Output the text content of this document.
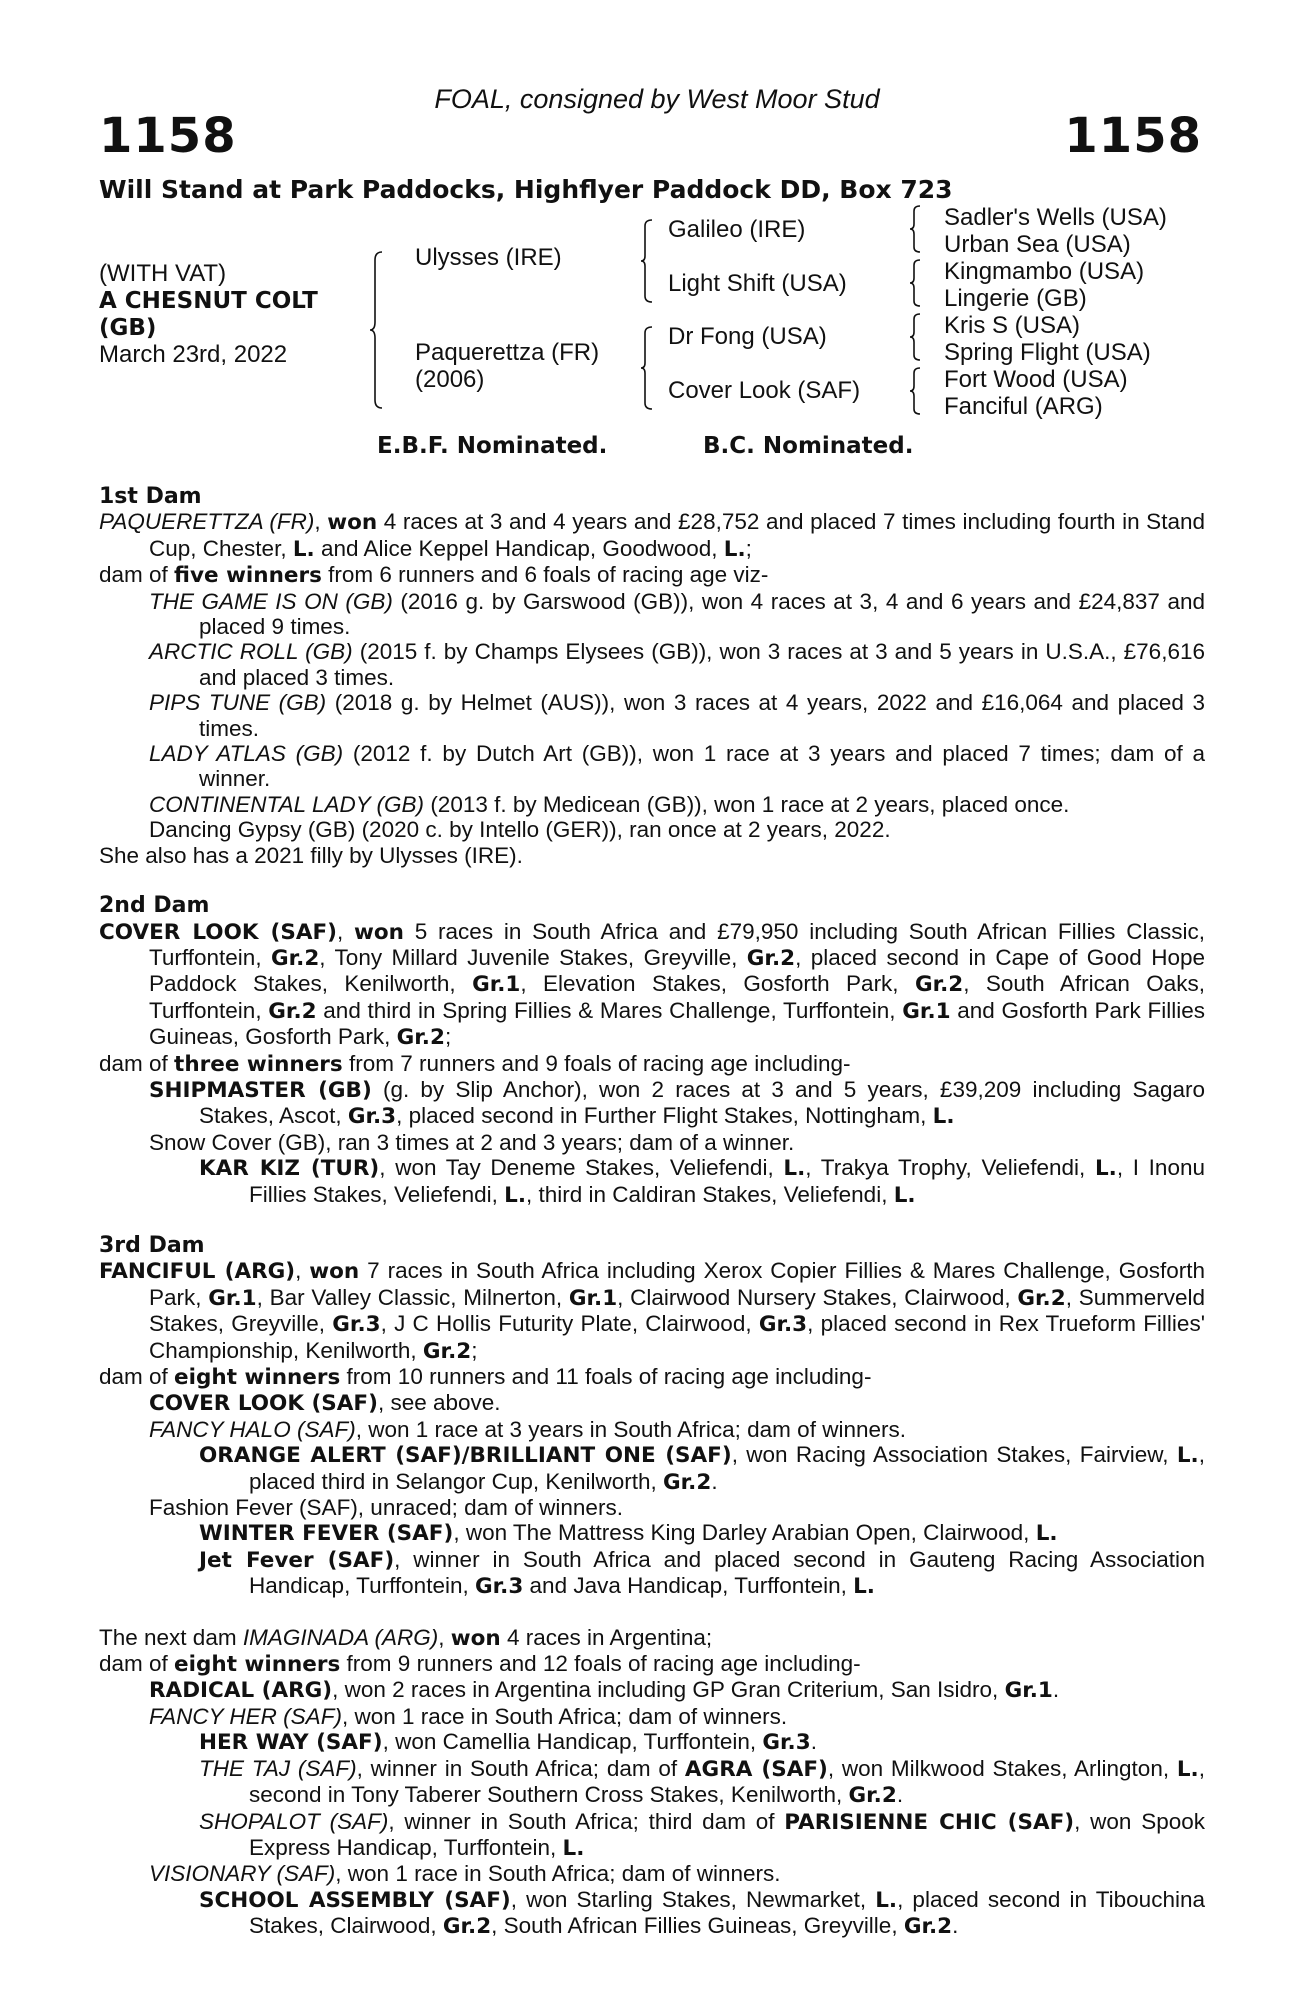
FOAL, consigned by West Moor Stud
1158	1158
Will Stand at Park Paddocks, Highflyer Paddock DD, Box 723
(WITH VAT)
A CHESNUT COLT
(GB)
March 23rd, 2022
Ulysses (IRE)
Paquerettza (FR)
(2006)
Galileo (IRE)
Light Shift (USA)
Dr Fong (USA)
Cover Look (SAF)
Sadler's Wells (USA)
Urban Sea (USA)
Kingmambo (USA)
Lingerie (GB)
Kris S (USA)
Spring Flight (USA)
Fort Wood (USA)
Fanciful (ARG)
E.B.F. Nominated.	B.C. Nominated.
1st Dam

PAQUERETTZA (FR), won 4 races at 3 and 4 years and £28,752 and placed 7 times including fourth in Stand Cup, Chester, L. and Alice Keppel Handicap, Goodwood, L.;

dam of five winners from 6 runners and 6 foals of racing age viz-

THE GAME IS ON (GB) (2016 g. by Garswood (GB)), won 4 races at 3, 4 and 6 years and £24,837 and placed 9 times.

ARCTIC ROLL (GB) (2015 f. by Champs Elysees (GB)), won 3 races at 3 and 5 years in U.S.A., £76,616 and placed 3 times.

PIPS TUNE (GB) (2018 g. by Helmet (AUS)), won 3 races at 4 years, 2022 and £16,064 and placed 3 times.

LADY ATLAS (GB) (2012 f. by Dutch Art (GB)), won 1 race at 3 years and placed 7 times; dam of a winner.

CONTINENTAL LADY (GB) (2013 f. by Medicean (GB)), won 1 race at 2 years, placed once.

Dancing Gypsy (GB) (2020 c. by Intello (GER)), ran once at 2 years, 2022.

She also has a 2021 filly by Ulysses (IRE).

2nd Dam

COVER LOOK (SAF), won 5 races in South Africa and £79,950 including South African Fillies Classic, Turffontein, Gr.2, Tony Millard Juvenile Stakes, Greyville, Gr.2, placed second in Cape of Good Hope Paddock Stakes, Kenilworth, Gr.1, Elevation Stakes, Gosforth Park, Gr.2, South African Oaks, Turffontein, Gr.2 and third in Spring Fillies & Mares Challenge, Turffontein, Gr.1 and Gosforth Park Fillies Guineas, Gosforth Park, Gr.2;

dam of three winners from 7 runners and 9 foals of racing age including-

SHIPMASTER (GB) (g. by Slip Anchor), won 2 races at 3 and 5 years, £39,209 including Sagaro Stakes, Ascot, Gr.3, placed second in Further Flight Stakes, Nottingham, L.

Snow Cover (GB), ran 3 times at 2 and 3 years; dam of a winner.

KAR KIZ (TUR), won Tay Deneme Stakes, Veliefendi, L., Trakya Trophy, Veliefendi, L., I Inonu Fillies Stakes, Veliefendi, L., third in Caldiran Stakes, Veliefendi, L.

3rd Dam

FANCIFUL (ARG), won 7 races in South Africa including Xerox Copier Fillies & Mares Challenge, Gosforth Park, Gr.1, Bar Valley Classic, Milnerton, Gr.1, Clairwood Nursery Stakes, Clairwood, Gr.2, Summerveld Stakes, Greyville, Gr.3, J C Hollis Futurity Plate, Clairwood, Gr.3, placed second in Rex Trueform Fillies' Championship, Kenilworth, Gr.2;

dam of eight winners from 10 runners and 11 foals of racing age including-

COVER LOOK (SAF), see above.

FANCY HALO (SAF), won 1 race at 3 years in South Africa; dam of winners.

ORANGE ALERT (SAF)/BRILLIANT ONE (SAF), won Racing Association Stakes, Fairview, L., placed third in Selangor Cup, Kenilworth, Gr.2.

Fashion Fever (SAF), unraced; dam of winners.

WINTER FEVER (SAF), won The Mattress King Darley Arabian Open, Clairwood, L.

Jet Fever (SAF), winner in South Africa and placed second in Gauteng Racing Association Handicap, Turffontein, Gr.3 and Java Handicap, Turffontein, L.

The next dam IMAGINADA (ARG), won 4 races in Argentina;

dam of eight winners from 9 runners and 12 foals of racing age including-

RADICAL (ARG), won 2 races in Argentina including GP Gran Criterium, San Isidro, Gr.1.

FANCY HER (SAF), won 1 race in South Africa; dam of winners.

HER WAY (SAF), won Camellia Handicap, Turffontein, Gr.3.

THE TAJ (SAF), winner in South Africa; dam of AGRA (SAF), won Milkwood Stakes, Arlington, L., second in Tony Taberer Southern Cross Stakes, Kenilworth, Gr.2.

SHOPALOT (SAF), winner in South Africa; third dam of PARISIENNE CHIC (SAF), won Spook Express Handicap, Turffontein, L.

VISIONARY (SAF), won 1 race in South Africa; dam of winners.

SCHOOL ASSEMBLY (SAF), won Starling Stakes, Newmarket, L., placed second in Tibouchina Stakes, Clairwood, Gr.2, South African Fillies Guineas, Greyville, Gr.2.
